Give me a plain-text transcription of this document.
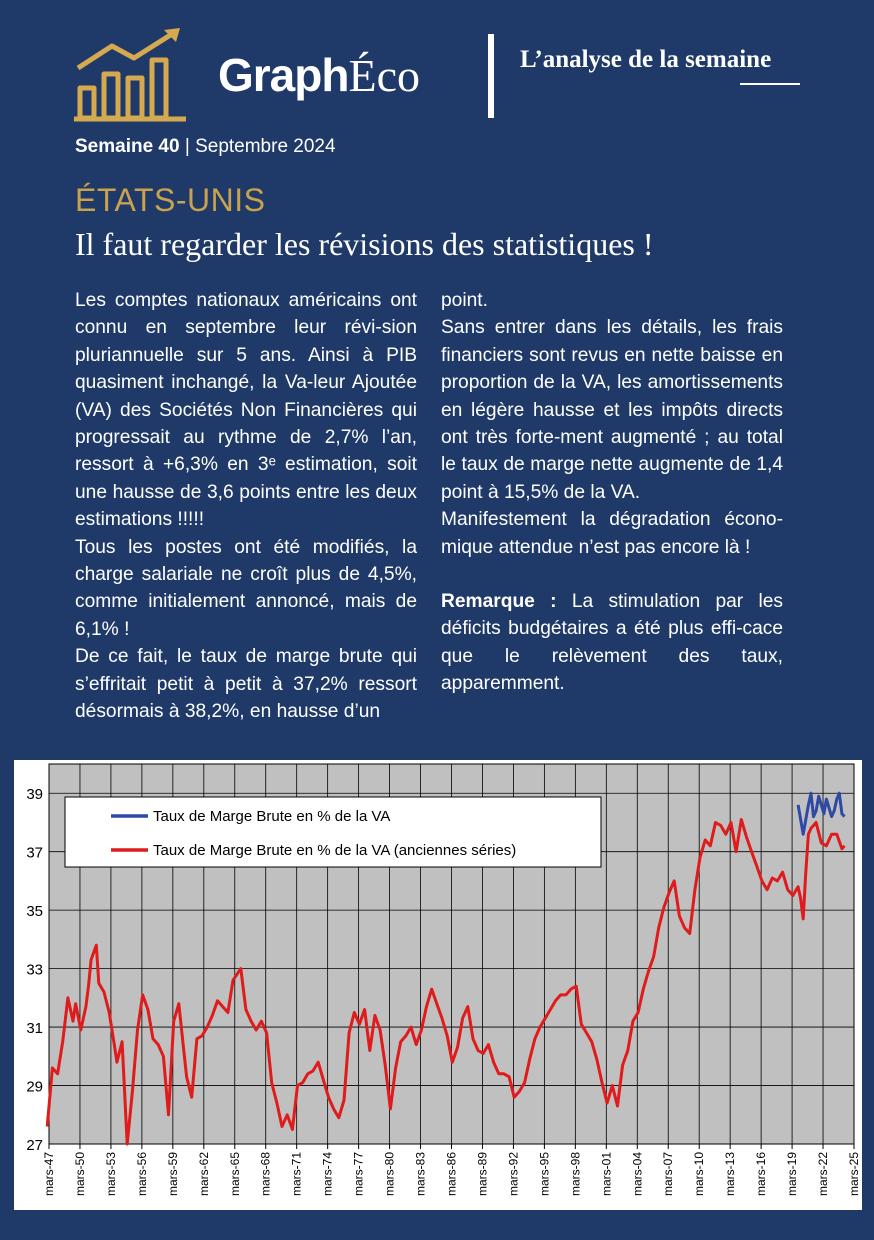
GraphÉco	L’analyse de la semaine
Semaine 40 | Septembre 2024
ÉTATS-UNIS
Il faut regarder les révisions des statistiques !

Les comptes nationaux américains ont connu en septembre leur révi-sion pluriannuelle sur 5 ans. Ainsi à PIB quasiment inchangé, la Va-leur Ajoutée (VA) des Sociétés Non Financières qui progressait au rythme de 2,7% l’an, ressort à +6,3% en 3ᵉ estimation, soit une hausse de 3,6 points entre les deux estimations !!!!!

Tous les postes ont été modifiés, la charge salariale ne croît plus de 4,5%, comme initialement annoncé, mais de 6,1% !

De ce fait, le taux de marge brute qui s’effritait petit à petit à 37,2% ressort désormais à 38,2%, en hausse d’un

point.

Sans entrer dans les détails, les frais financiers sont revus en nette baisse en proportion de la VA, les amortissements en légère hausse et les impôts directs ont très forte-ment augmenté ; au total le taux de marge nette augmente de 1,4 point à 15,5% de la VA.

Manifestement la dégradation écono-mique attendue n’est pas encore là !

Remarque : La stimulation par les déficits budgétaires a été plus effi-cace que le relèvement des taux, apparemment.

mars-47 mars-50 mars-53 mars-56 mars-59 mars-62 mars-65 mars-68 mars-71 mars-74 mars-77 mars-80 mars-83 mars-86 mars-89 mars-92 mars-95 mars-98 mars-01 mars-04 mars-07 mars-10 mars-13 mars-16 mars-19 mars-22 mars-25
27
29
31
33
35
37
39
Taux de Marge Brute en % de la VA
Taux de Marge Brute en % de la VA (anciennes séries)
